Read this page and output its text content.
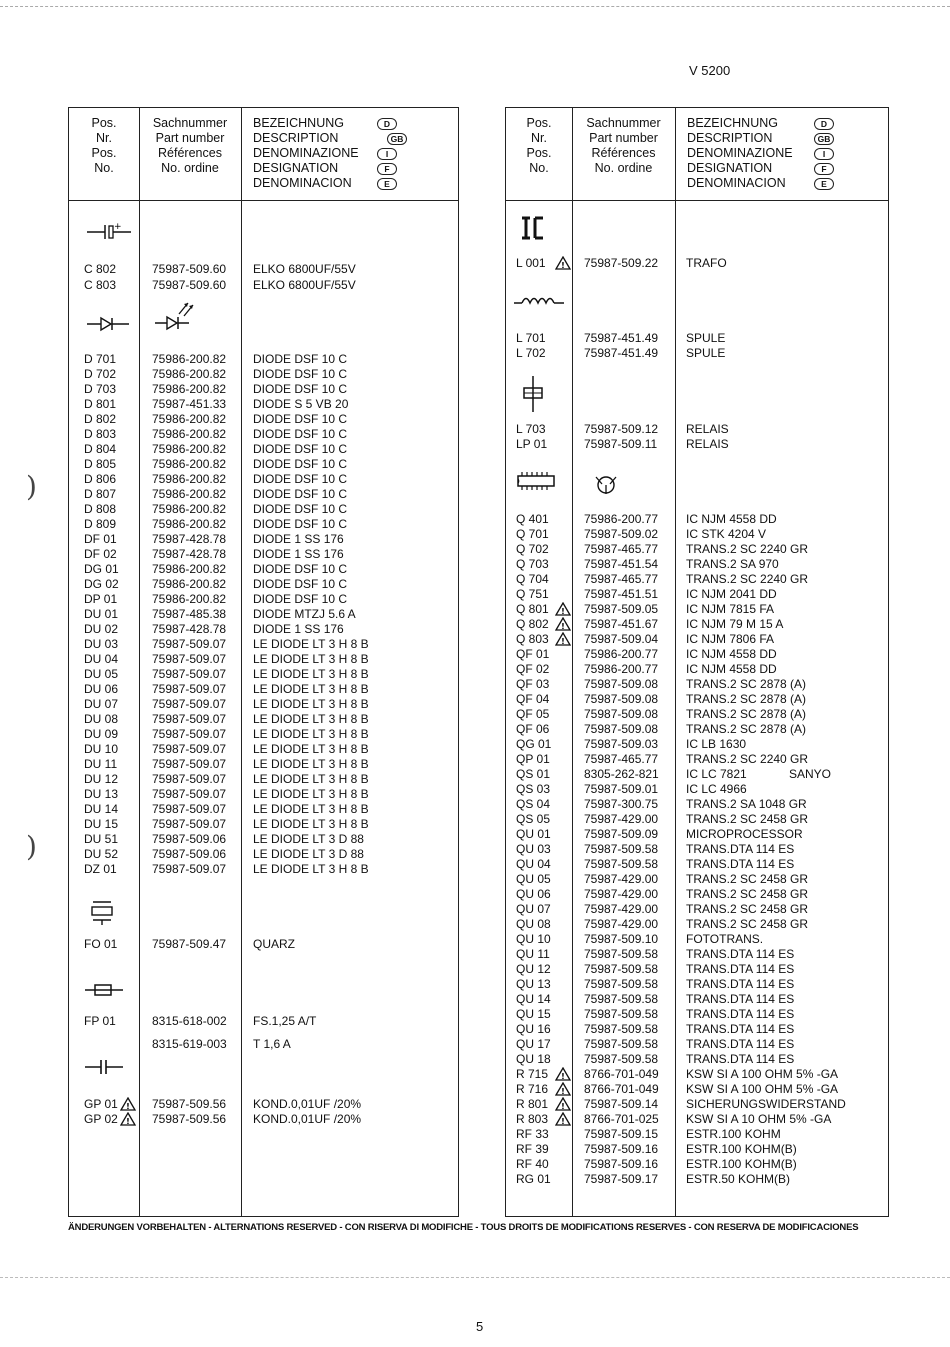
V 5200
Pos.
Nr.
Pos.
No.
Sachnummer
Part number
Références
No. ordine
BEZEICHNUNG
DESCRIPTION
DENOMINAZIONE
DESIGNATION
DENOMINACION
D
GB
I
F
E
+
C 802	75987-509.60 ELKO 6800UF/55V
C 803	75987-509.60 ELKO 6800UF/55V
D 701	75986-200.82 DIODE DSF 10 C
D 702	75986-200.82 DIODE DSF 10 C
D 703	75986-200.82 DIODE DSF 10 C
D 801	75987-451.33 DIODE S 5 VB 20
D 802	75986-200.82 DIODE DSF 10 C
D 803	75986-200.82 DIODE DSF 10 C
D 804	75986-200.82 DIODE DSF 10 C
D 805	75986-200.82 DIODE DSF 10 C
D 806	75986-200.82 DIODE DSF 10 C
D 807	75986-200.82 DIODE DSF 10 C
D 808	75986-200.82 DIODE DSF 10 C
D 809	75986-200.82 DIODE DSF 10 C
DF 01	75987-428.78 DIODE 1 SS 176
DF 02	75987-428.78 DIODE 1 SS 176
DG 01	75986-200.82 DIODE DSF 10 C
DG 02	75986-200.82 DIODE DSF 10 C
DP 01	75986-200.82 DIODE DSF 10 C
DU 01	75987-485.38 DIODE MTZJ 5.6 A
DU 02	75987-428.78 DIODE 1 SS 176
DU 03	75987-509.07 LE DIODE LT 3 H 8 B
DU 04	75987-509.07 LE DIODE LT 3 H 8 B
DU 05	75987-509.07 LE DIODE LT 3 H 8 B
DU 06	75987-509.07 LE DIODE LT 3 H 8 B
DU 07	75987-509.07 LE DIODE LT 3 H 8 B
DU 08	75987-509.07 LE DIODE LT 3 H 8 B
DU 09	75987-509.07 LE DIODE LT 3 H 8 B
DU 10	75987-509.07 LE DIODE LT 3 H 8 B
DU 11	75987-509.07 LE DIODE LT 3 H 8 B
DU 12	75987-509.07 LE DIODE LT 3 H 8 B
DU 13	75987-509.07 LE DIODE LT 3 H 8 B
DU 14	75987-509.07 LE DIODE LT 3 H 8 B
DU 15	75987-509.07 LE DIODE LT 3 H 8 B
DU 51	75987-509.06 LE DIODE LT 3 D 88
DU 52	75987-509.06 LE DIODE LT 3 D 88
DZ 01	75987-509.07 LE DIODE LT 3 H 8 B
FO 01	75987-509.47 QUARZ
FP 01	8315-618-002 FS.1,25 A/T
8315-619-003 T 1,6 A
GP 01	75987-509.56 KOND.0,01UF /20%
!
GP 02	75987-509.56 KOND.0,01UF /20%
!
Pos.
Nr.
Pos.
No.
Sachnummer
Part number
Références
No. ordine
BEZEICHNUNG
DESCRIPTION
DENOMINAZIONE
DESIGNATION
DENOMINACION
D
GB
I
F
E
L 001	75987-509.22 TRAFO
!
L 701	75987-451.49 SPULE
L 702	75987-451.49 SPULE
L 703	75987-509.12 RELAIS
LP 01	75987-509.11 RELAIS
Q 401	75986-200.77 IC NJM 4558 DD
Q 701	75987-509.02 IC STK 4204 V
Q 702	75987-465.77 TRANS.2 SC 2240 GR
Q 703	75987-451.54 TRANS.2 SA 970
Q 704	75987-465.77 TRANS.2 SC 2240 GR
Q 751	75987-451.51 IC NJM 2041 DD
Q 801	75987-509.05 IC NJM 7815 FA
!
Q 802	75987-451.67 IC NJM 79 M 15 A
!
Q 803	75987-509.04 IC NJM 7806 FA
!
QF 01	75986-200.77 IC NJM 4558 DD
QF 02	75986-200.77 IC NJM 4558 DD
QF 03	75987-509.08 TRANS.2 SC 2878 (A)
QF 04	75987-509.08 TRANS.2 SC 2878 (A)
QF 05	75987-509.08 TRANS.2 SC 2878 (A)
QF 06	75987-509.08 TRANS.2 SC 2878 (A)
QG 01	75987-509.03 IC LB 1630
QP 01	75987-465.77 TRANS.2 SC 2240 GR
QS 01	8305-262-821 IC LC 7821	SANYO
QS 03	75987-509.01 IC LC 4966
QS 04	75987-300.75 TRANS.2 SA 1048 GR
QS 05	75987-429.00 TRANS.2 SC 2458 GR
QU 01	75987-509.09 MICROPROCESSOR
QU 03	75987-509.58 TRANS.DTA 114 ES
QU 04	75987-509.58 TRANS.DTA 114 ES
QU 05	75987-429.00 TRANS.2 SC 2458 GR
QU 06	75987-429.00 TRANS.2 SC 2458 GR
QU 07	75987-429.00 TRANS.2 SC 2458 GR
QU 08	75987-429.00 TRANS.2 SC 2458 GR
QU 10	75987-509.10 FOTOTRANS.
QU 11	75987-509.58 TRANS.DTA 114 ES
QU 12	75987-509.58 TRANS.DTA 114 ES
QU 13	75987-509.58 TRANS.DTA 114 ES
QU 14	75987-509.58 TRANS.DTA 114 ES
QU 15	75987-509.58 TRANS.DTA 114 ES
QU 16	75987-509.58 TRANS.DTA 114 ES
QU 17	75987-509.58 TRANS.DTA 114 ES
QU 18	75987-509.58 TRANS.DTA 114 ES
R 715	8766-701-049 KSW SI A 100 OHM 5% -GA
!
R 716	8766-701-049 KSW SI A 100 OHM 5% -GA
!
R 801	75987-509.14 SICHERUNGSWIDERSTAND
!
R 803	8766-701-025 KSW SI A 10 OHM 5% -GA
!
RF 33	75987-509.15 ESTR.100 KOHM
RF 39	75987-509.16 ESTR.100 KOHM(B)
RF 40	75987-509.16 ESTR.100 KOHM(B)
RG 01	75987-509.17 ESTR.50 KOHM(B)
)
)
ÄNDERUNGEN VORBEHALTEN - ALTERNATIONS RESERVED - CON RISERVA DI MODIFICHE - TOUS DROITS DE MODIFICATIONS RESERVES - CON RESERVA DE MODIFICACIONES
5
